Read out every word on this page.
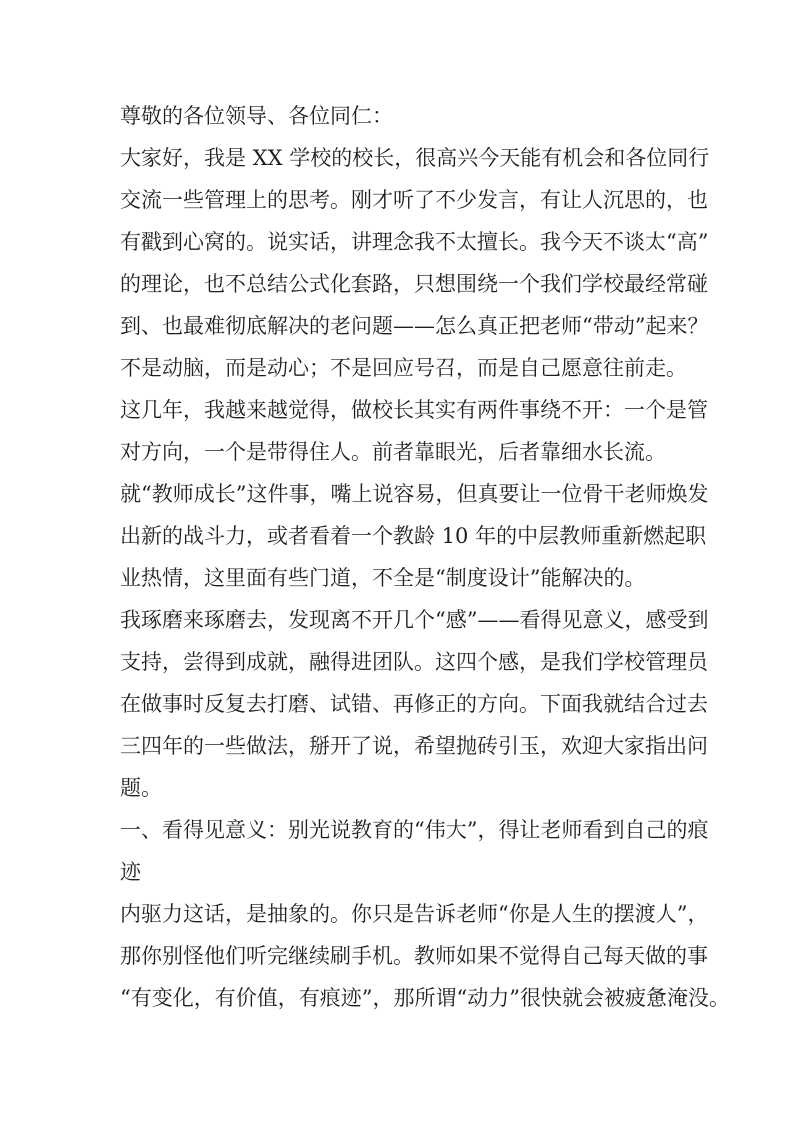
尊敬的各位领导、各位同仁：
大家好，我是 XX 学校的校长，很高兴今天能有机会和各位同行
交流一些管理上的思考。刚才听了不少发言，有让人沉思的，也
有戳到心窝的。说实话，讲理念我不太擅长。我今天不谈太“高”
的理论，也不总结公式化套路，只想围绕一个我们学校最经常碰
到、也最难彻底解决的老问题——怎么真正把老师“带动”起来？
不是动脑，而是动心；不是回应号召，而是自己愿意往前走。
这几年，我越来越觉得，做校长其实有两件事绕不开：一个是管
对方向，一个是带得住人。前者靠眼光，后者靠细水长流。
就“教师成长”这件事，嘴上说容易，但真要让一位骨干老师焕发
出新的战斗力，或者看着一个教龄 10 年的中层教师重新燃起职
业热情，这里面有些门道，不全是“制度设计”能解决的。
我琢磨来琢磨去，发现离不开几个“感”——看得见意义，感受到
支持，尝得到成就，融得进团队。这四个感，是我们学校管理员
在做事时反复去打磨、试错、再修正的方向。下面我就结合过去
三四年的一些做法，掰开了说，希望抛砖引玉，欢迎大家指出问
题。
一、看得见意义：别光说教育的“伟大”，得让老师看到自己的痕
迹
内驱力这话，是抽象的。你只是告诉老师“你是人生的摆渡人”，
那你别怪他们听完继续刷手机。教师如果不觉得自己每天做的事
“有变化，有价值，有痕迹”，那所谓“动力”很快就会被疲惫淹没。
